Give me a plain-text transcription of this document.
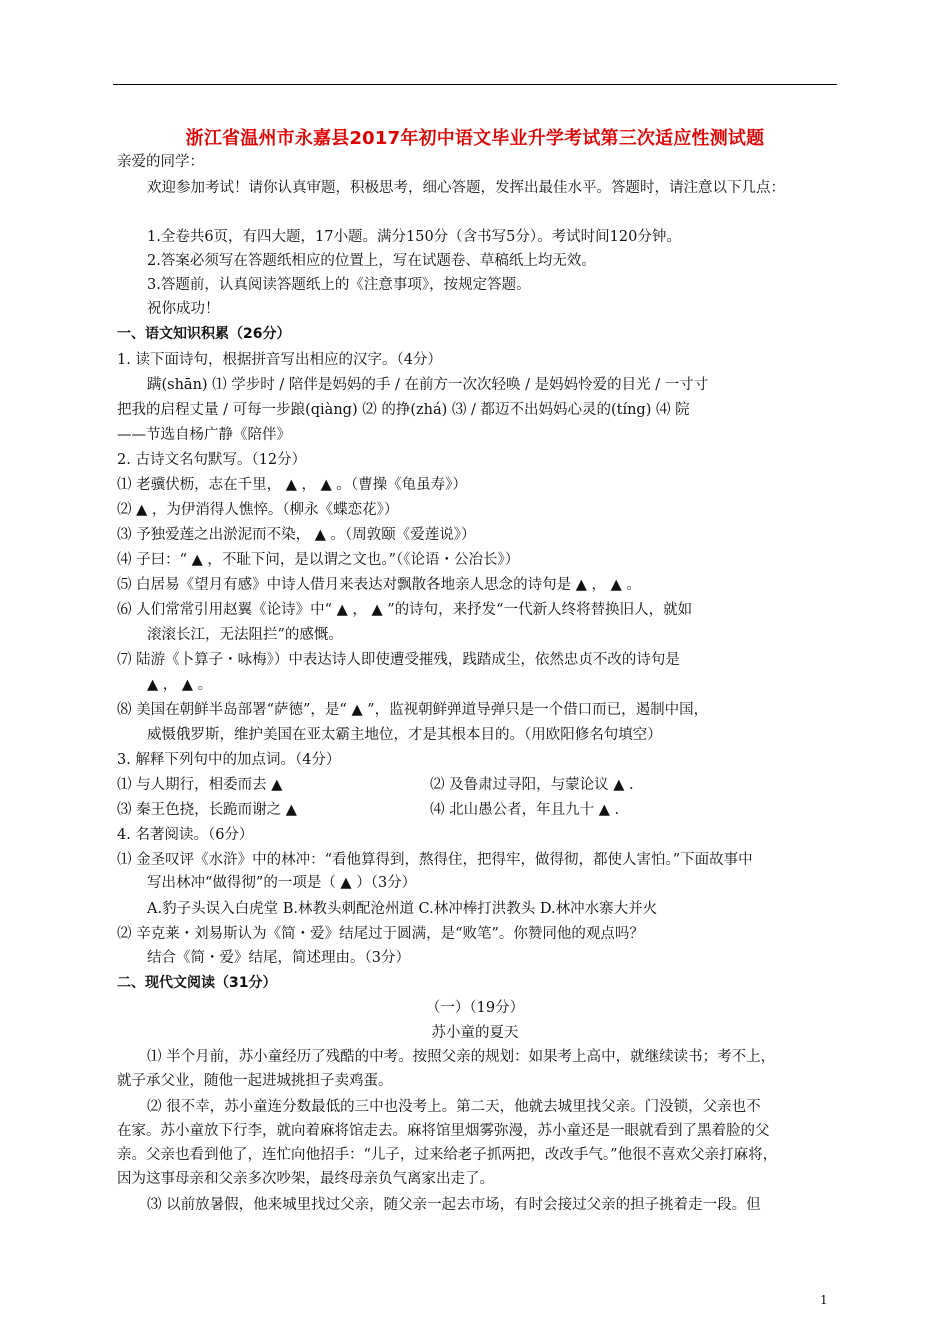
浙江省温州市永嘉县2017年初中语文毕业升学考试第三次适应性测试题
亲爱的同学：
欢迎参加考试！请你认真审题，积极思考，细心答题，发挥出最佳水平。答题时，请注意以下几点：
1.全卷共6页，有四大题，17小题。满分150分（含书写5分）。考试时间120分钟。
2.答案必须写在答题纸相应的位置上，写在试题卷、草稿纸上均无效。
3.答题前，认真阅读答题纸上的《注意事项》，按规定答题。
祝你成功！
一、语文知识积累（26分）
1. 读下面诗句，根据拼音写出相应的汉字。（4分）
蹒(shān) ⑴ 学步时 / 陪伴是妈妈的手 / 在前方一次次轻唤 / 是妈妈怜爱的目光 / 一寸寸
把我的启程丈量 / 可每一步踉(qiàng) ⑵ 的挣(zhá) ⑶ / 都迈不出妈妈心灵的(tíng) ⑷ 院
——节选自杨广静《陪伴》
2. 古诗文名句默写。（12分）
⑴ 老骥伏枥，志在千里， ▲ ， ▲ 。（曹操《龟虽寿》）
⑵ ▲ ，为伊消得人憔悴。（柳永《蝶恋花》）
⑶ 予独爱莲之出淤泥而不染， ▲ 。（周敦颐《爱莲说》）
⑷ 子曰：“ ▲ ，不耻下问，是以谓之文也。”（《论语・公冶长》）
⑸ 白居易《望月有感》中诗人借月来表达对飘散各地亲人思念的诗句是 ▲ ， ▲ 。
⑹ 人们常常引用赵翼《论诗》中“ ▲ ， ▲ ”的诗句，来抒发“一代新人终将替换旧人，就如
滚滚长江，无法阻拦”的感慨。
⑺ 陆游《卜算子・咏梅》）中表达诗人即使遭受摧残，践踏成尘，依然忠贞不改的诗句是
▲ ， ▲ 。
⑻ 美国在朝鲜半岛部署“萨德”，是“ ▲ ”，监视朝鲜弹道导弹只是一个借口而已，遏制中国，
威慑俄罗斯，维护美国在亚太霸主地位，才是其根本目的。（用欧阳修名句填空）
3. 解释下列句中的加点词。（4分）
⑴ 与人期行，相委而去 ▲	⑵ 及鲁肃过寻阳，与蒙论议 ▲ .
⑶ 秦王色挠，长跪而谢之 ▲	⑷ 北山愚公者，年且九十 ▲ .
4. 名著阅读。（6分）
⑴ 金圣叹评《水浒》中的林冲：“看他算得到，熬得住，把得牢，做得彻，都使人害怕。”下面故事中
写出林冲“做得彻”的一项是（ ▲ ）（3分）
A.豹子头误入白虎堂 B.林教头刺配沧州道 C.林冲棒打洪教头 D.林冲水寨大并火
⑵ 辛克莱・刘易斯认为《简・爱》结尾过于圆满，是“败笔”。你赞同他的观点吗？
结合《简・爱》结尾，简述理由。（3分）
二、现代文阅读（31分）
（一）（19分）
苏小童的夏天
⑴ 半个月前，苏小童经历了残酷的中考。按照父亲的规划：如果考上高中，就继续读书；考不上，
就子承父业，随他一起进城挑担子卖鸡蛋。
⑵ 很不幸，苏小童连分数最低的三中也没考上。第二天，他就去城里找父亲。门没锁，父亲也不
在家。苏小童放下行李，就向着麻将馆走去。麻将馆里烟雾弥漫，苏小童还是一眼就看到了黑着脸的父
亲。父亲也看到他了，连忙向他招手：“儿子，过来给老子抓两把，改改手气。”他很不喜欢父亲打麻将，
因为这事母亲和父亲多次吵架，最终母亲负气离家出走了。
⑶ 以前放暑假，他来城里找过父亲，随父亲一起去市场，有时会接过父亲的担子挑着走一段。但
1
